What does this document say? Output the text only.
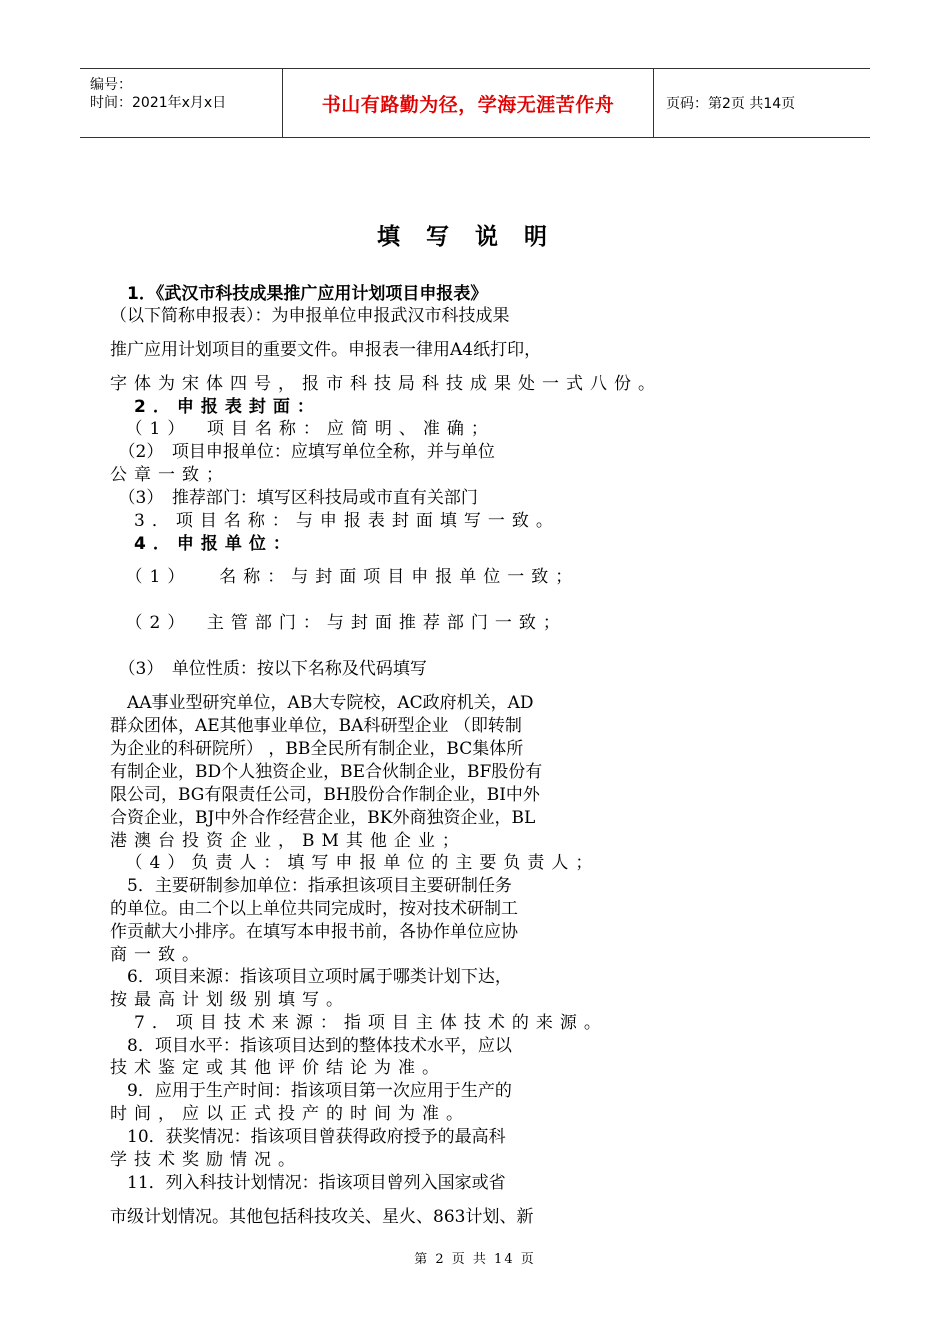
编号：
时间：2021年x月x日	书山有路勤为径，学海无涯苦作舟	页码：第2页 共14页
填写说明
　1．《武汉市科技成果推广应用计划项目申报表》
（以下简称申报表）：为申报单位申报武汉市科技成果
推广应用计划项目的重要文件。申报表一律用A4纸打印，
字体为宋体四号，报市科技局科技成果处一式八份。
　2．申报表封面：
　（1）　项目名称：应简明、准确；
　（2）　项目申报单位：应填写单位全称，并与单位
公章一致；
　（3）　推荐部门：填写区科技局或市直有关部门
　3．项目名称：与申报表封面填写一致。
　4．申报单位：
　（1）　 名称：与封面项目申报单位一致；
　（2）　主管部门：与封面推荐部门一致；
　（3）　单位性质：按以下名称及代码填写
　AA事业型研究单位，AB大专院校，AC政府机关，AD
群众团体，AE其他事业单位，BA科研型企业 （即转制
为企业的科研院所） ，BB全民所有制企业，BC集体所
有制企业，BD个人独资企业，BE合伙制企业，BF股份有
限公司，BG有限责任公司，BH股份合作制企业，BI中外
合资企业，BJ中外合作经营企业，BK外商独资企业，BL
港澳台投资企业，BM其他企业；
　（4）负责人：填写申报单位的主要负责人；
　5．主要研制参加单位：指承担该项目主要研制任务
的单位。由二个以上单位共同完成时，按对技术研制工
作贡献大小排序。在填写本申报书前，各协作单位应协
商一致。
　6．项目来源：指该项目立项时属于哪类计划下达，
按最高计划级别填写。
　7．项目技术来源：指项目主体技术的来源。
　8．项目水平：指该项目达到的整体技术水平，应以
技术鉴定或其他评价结论为准。
　9．应用于生产时间：指该项目第一次应用于生产的
时间，应以正式投产的时间为准。
　10．获奖情况：指该项目曾获得政府授予的最高科
学技术奖励情况。
　11．列入科技计划情况：指该项目曾列入国家或省
市级计划情况。其他包括科技攻关、星火、863计划、新
第 2 页 共 14 页
